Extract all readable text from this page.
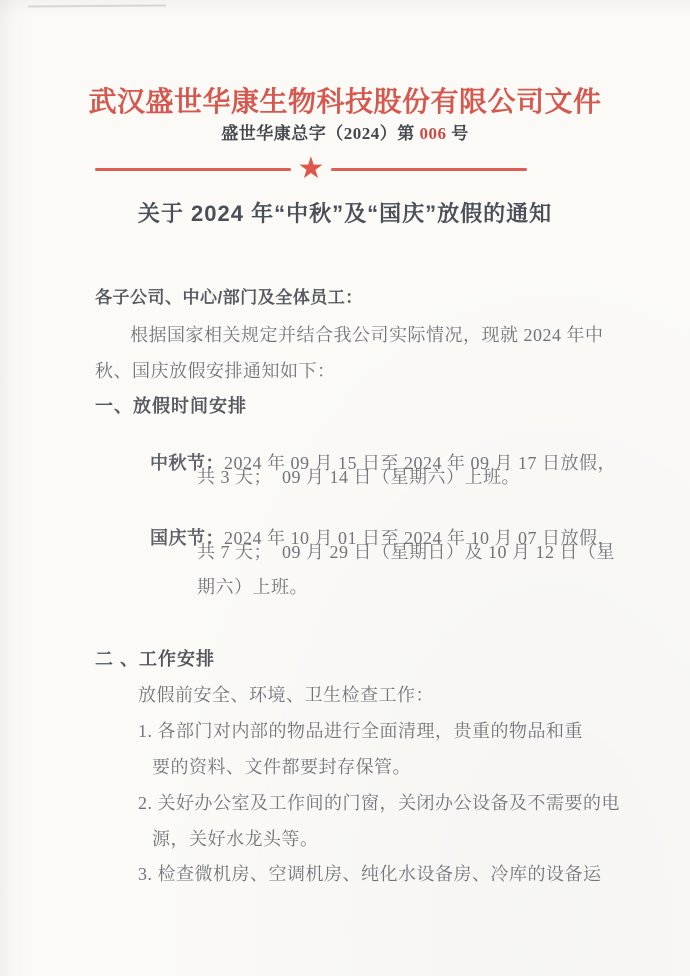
武汉盛世华康生物科技股份有限公司文件
盛世华康总字（2024）第 006 号
★
关于 2024 年“中秋”及“国庆”放假的通知
各子公司、中心/部门及全体员工：
根据国家相关规定并结合我公司实际情况，现就 2024 年中
秋、国庆放假安排通知如下：
一、放假时间安排

中秋节：2024 年 09 月 15 日至 2024 年 09 月 17 日放假，

共 3 天；  09 月 14 日（星期六）上班。

国庆节：2024 年 10 月 01 日至 2024 年 10 月 07 日放假，

共 7 天；  09 月 29 日（星期日）及 10 月 12 日（星
期六）上班。
二 、工作安排
放假前安全、环境、卫生检查工作：
1. 各部门对内部的物品进行全面清理，贵重的物品和重
要的资料、文件都要封存保管。
2. 关好办公室及工作间的门窗，关闭办公设备及不需要的电
源，关好水龙头等。
3. 检查微机房、空调机房、纯化水设备房、冷库的设备运
